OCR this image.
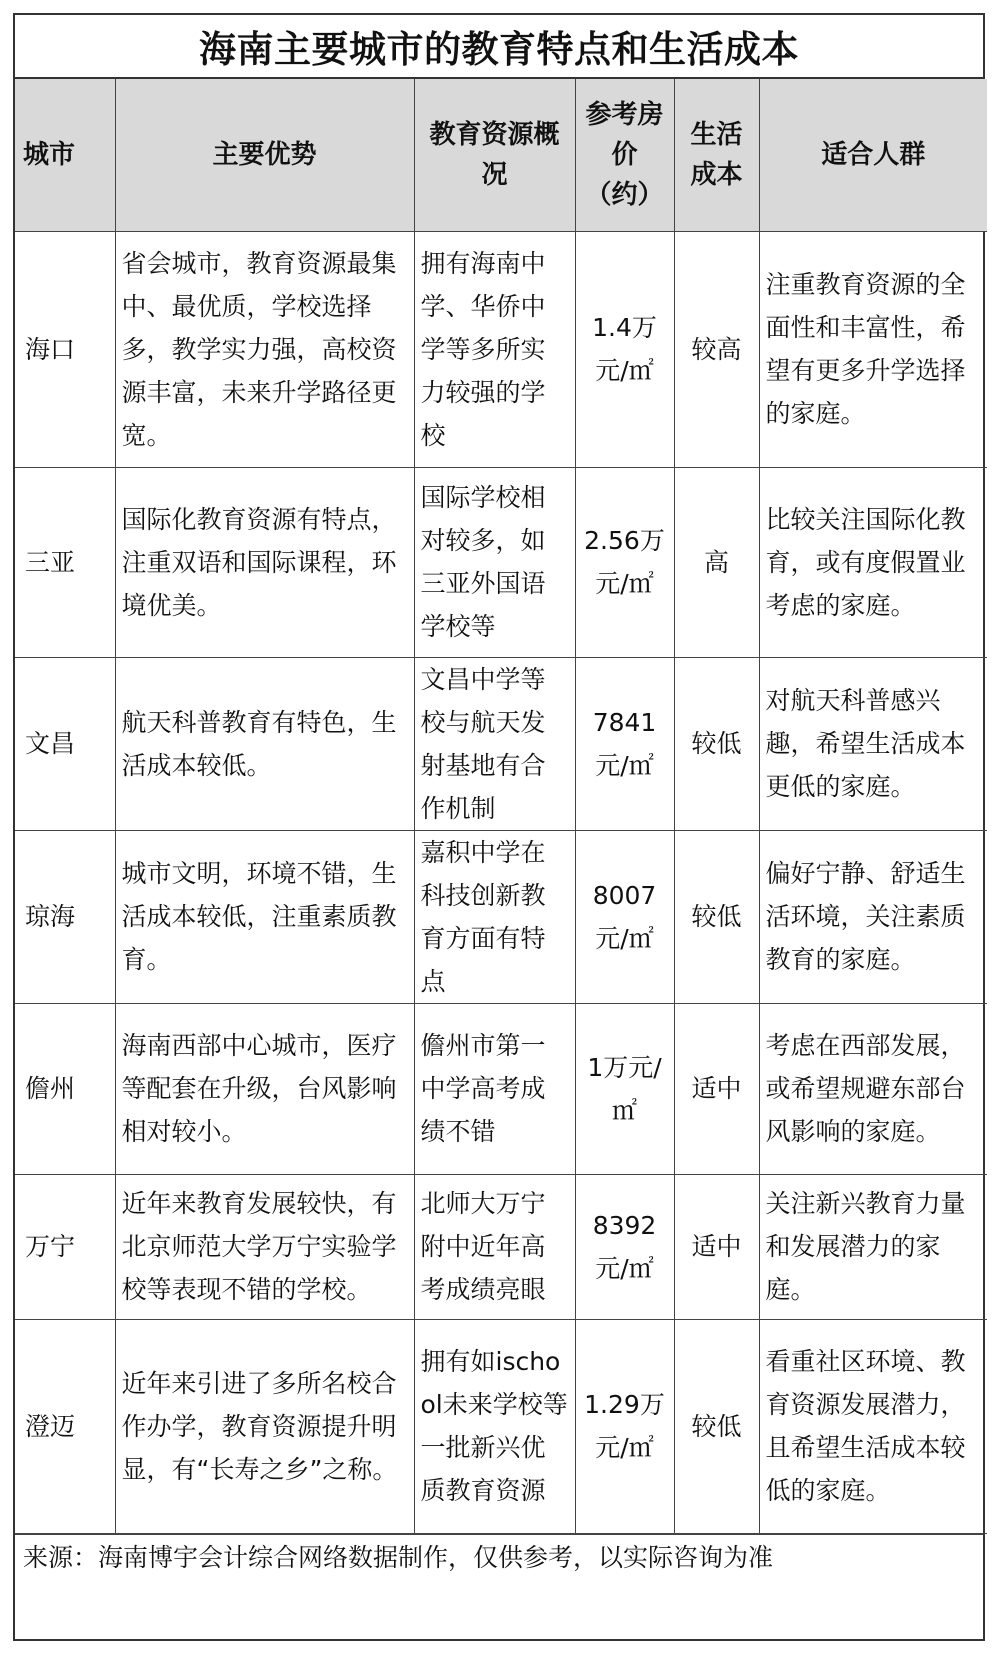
海南主要城市的教育特点和生活成本
城市	主要优势	教育资源概况	参考房价（约）	生活成本	适合人群
海口	省会城市，教育资源最集中、最优质，学校选择多，教学实力强，高校资源丰富，未来升学路径更宽。	拥有海南中学、华侨中学等多所实力较强的学校	1.4万元/㎡	较高	注重教育资源的全面性和丰富性，希望有更多升学选择的家庭。
三亚	国际化教育资源有特点，注重双语和国际课程，环境优美。	国际学校相对较多，如三亚外国语学校等	2.56万元/㎡	高	比较关注国际化教育，或有度假置业考虑的家庭。
文昌	航天科普教育有特色，生活成本较低。	文昌中学等校与航天发射基地有合作机制	7841元/㎡	较低	对航天科普感兴趣，希望生活成本更低的家庭。
琼海	城市文明，环境不错，生活成本较低，注重素质教育。	嘉积中学在科技创新教育方面有特点	8007元/㎡	较低	偏好宁静、舒适生活环境，关注素质教育的家庭。
儋州	海南西部中心城市，医疗等配套在升级，台风影响相对较小。	儋州市第一中学高考成绩不错	1万元/㎡	适中	考虑在西部发展，或希望规避东部台风影响的家庭。
万宁	近年来教育发展较快，有北京师范大学万宁实验学校等表现不错的学校。	北师大万宁附中近年高考成绩亮眼	8392元/㎡	适中	关注新兴教育力量和发展潜力的家庭。
澄迈	近年来引进了多所名校合作办学，教育资源提升明显，有“长寿之乡”之称。	拥有如ischool未来学校等一批新兴优质教育资源	1.29万元/㎡	较低	看重社区环境、教育资源发展潜力，且希望生活成本较低的家庭。
来源：海南博宇会计综合网络数据制作，仅供参考，以实际咨询为准
